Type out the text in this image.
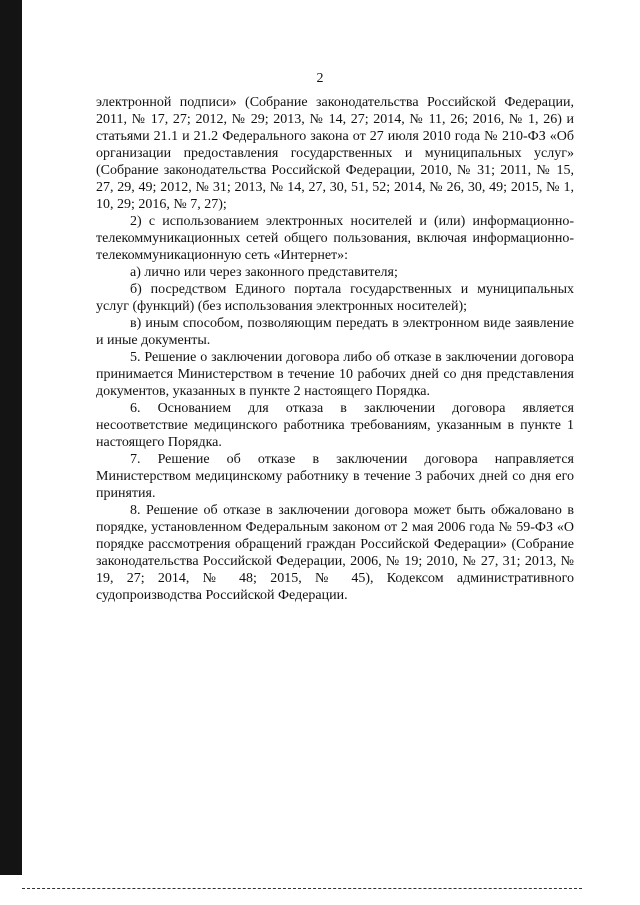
2

электронной подписи» (Собрание законодательства Российской Федерации, 2011, № 17, 27; 2012, № 29; 2013, № 14, 27; 2014, № 11, 26; 2016, № 1, 26) и статьями 21.1 и 21.2 Федерального закона от 27 июля 2010 года № 210-ФЗ «Об организации предоставления государственных и муниципальных услуг» (Собрание законодательства Российской Федерации, 2010, № 31; 2011, № 15, 27, 29, 49; 2012, № 31; 2013, № 14, 27, 30, 51, 52; 2014, № 26, 30, 49; 2015, № 1, 10, 29; 2016, № 7, 27);

2) с использованием электронных носителей и (или) информационно-телекоммуникационных сетей общего пользования, включая информационно-телекоммуникационную сеть «Интернет»:

а) лично или через законного представителя;

б) посредством Единого портала государственных и муниципальных услуг (функций) (без использования электронных носителей);

в) иным способом, позволяющим передать в электронном виде заявление и иные документы.

5. Решение о заключении договора либо об отказе в заключении договора принимается Министерством в течение 10 рабочих дней со дня представления документов, указанных в пункте 2 настоящего Порядка.

6. Основанием для отказа в заключении договора является несоответствие медицинского работника требованиям, указанным в пункте 1 настоящего Порядка.

7. Решение об отказе в заключении договора направляется Министерством медицинскому работнику в течение 3 рабочих дней со дня его принятия.

8. Решение об отказе в заключении договора может быть обжаловано в порядке, установленном Федеральным законом от 2 мая 2006 года № 59-ФЗ «О порядке рассмотрения обращений граждан Российской Федерации» (Собрание законодательства Российской Федерации, 2006, № 19; 2010, № 27, 31; 2013, № 19, 27; 2014, № 48; 2015, № 45), Кодексом административного судопроизводства Российской Федерации.
